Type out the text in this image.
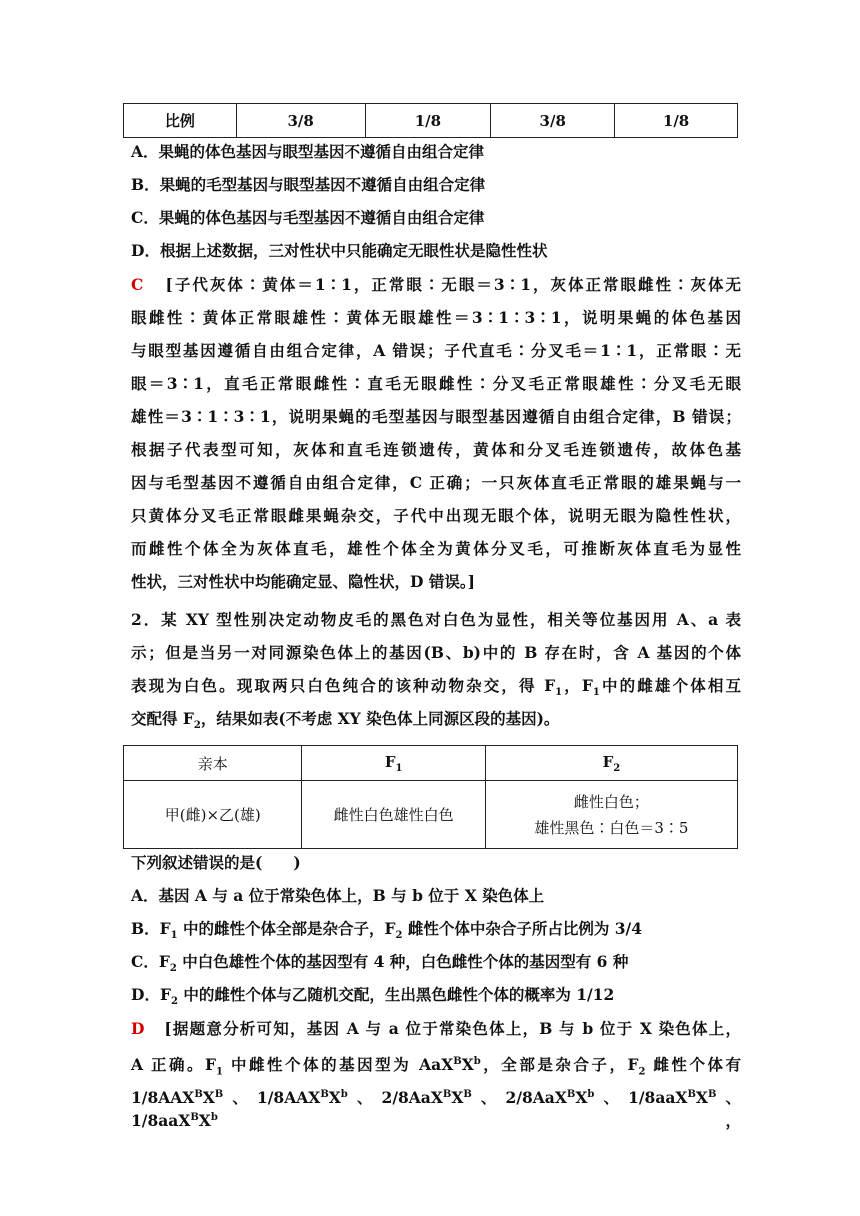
比例	3/8	1/8	3/8	1/8
A．果蝇的体色基因与眼型基因不遵循自由组合定律
B．果蝇的毛型基因与眼型基因不遵循自由组合定律
C．果蝇的体色基因与毛型基因不遵循自由组合定律
D．根据上述数据，三对性状中只能确定无眼性状是隐性性状
C [子代灰体∶黄体＝1∶1，正常眼∶无眼＝3∶1，灰体正常眼雌性∶灰体无
眼雌性∶黄体正常眼雄性∶黄体无眼雄性＝3∶1∶3∶1，说明果蝇的体色基因
与眼型基因遵循自由组合定律，A 错误；子代直毛∶分叉毛＝1∶1，正常眼∶无
眼＝3∶1，直毛正常眼雌性∶直毛无眼雌性∶分叉毛正常眼雄性∶分叉毛无眼
雄性＝3∶1∶3∶1，说明果蝇的毛型基因与眼型基因遵循自由组合定律，B 错误；
根据子代表型可知，灰体和直毛连锁遗传，黄体和分叉毛连锁遗传，故体色基
因与毛型基因不遵循自由组合定律，C 正确；一只灰体直毛正常眼的雄果蝇与一
只黄体分叉毛正常眼雌果蝇杂交，子代中出现无眼个体，说明无眼为隐性性状，
而雌性个体全为灰体直毛，雄性个体全为黄体分叉毛，可推断灰体直毛为显性
性状，三对性状中均能确定显、隐性状，D 错误。]
2．某 XY 型性别决定动物皮毛的黑色对白色为显性，相关等位基因用 A、a 表
示；但是当另一对同源染色体上的基因(B、b)中的 B 存在时，含 A 基因的个体
表现为白色。现取两只白色纯合的该种动物杂交，得 $F_1$，$F_1$中的雌雄个体相互
交配得 $F_2$，结果如表(不考虑 XY 染色体上同源区段的基因)。
亲本	$F_1$	$F_2$
甲(雌)×乙(雄)	雌性白色雄性白色	雌性白色；
雄性黑色∶白色＝3∶5
下列叙述错误的是(　　)
A．基因 A 与 a 位于常染色体上，B 与 b 位于 X 染色体上
B．$F_1$ 中的雌性个体全部是杂合子，$F_2$ 雌性个体中杂合子所占比例为 3/4
C．$F_2$ 中白色雄性个体的基因型有 4 种，白色雌性个体的基因型有 6 种
D．$F_2$ 中的雌性个体与乙随机交配，生出黑色雌性个体的概率为 1/12
D [据题意分析可知，基因 A 与 a 位于常染色体上，B 与 b 位于 X 染色体上，
A 正确。$F_1$ 中雌性个体的基因型为 $AaX^BX^b$，全部是杂合子，$F_2$ 雌性个体有
$1/8AAX^BX^B$、$1/8AAX^BX^b$、$2/8AaX^BX^B$、$2/8AaX^BX^b$、$1/8aaX^BX^B$、$1/8aaX^BX^b$，
